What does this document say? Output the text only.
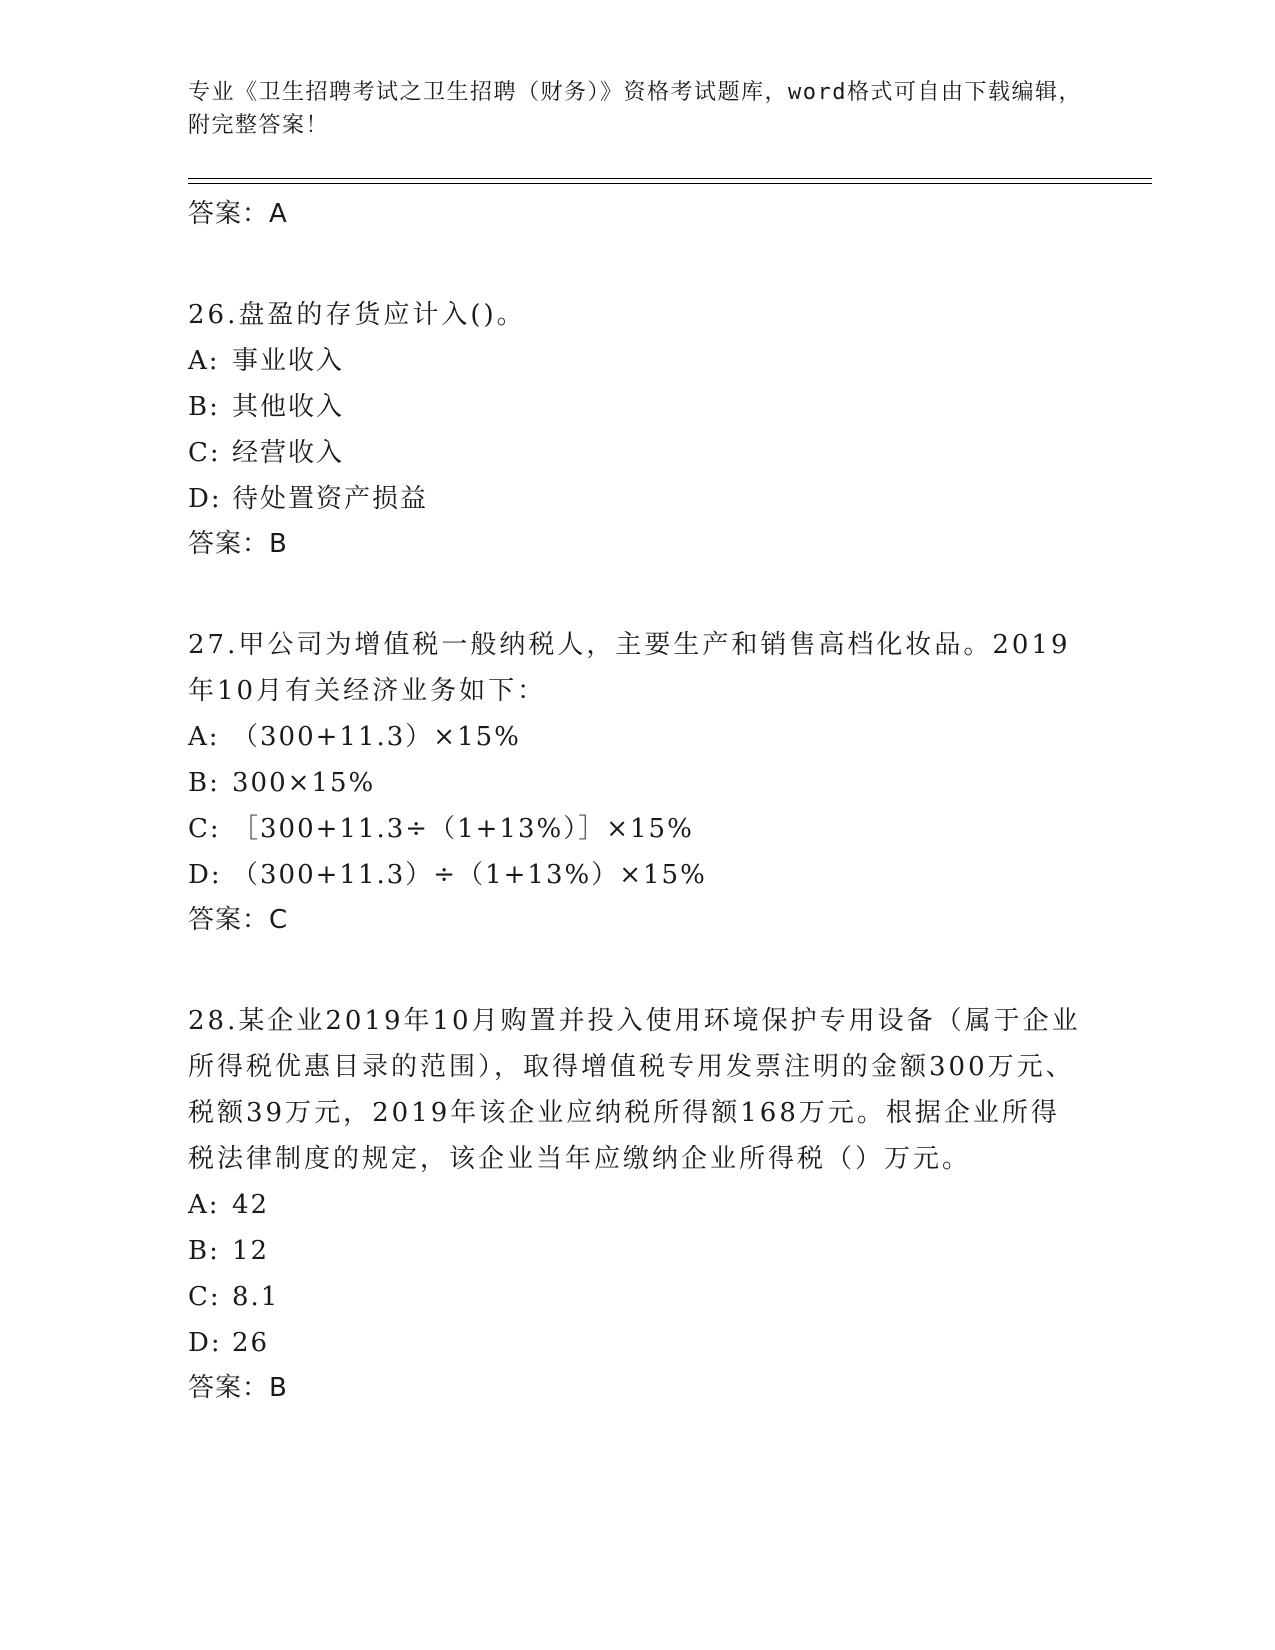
专业《卫生招聘考试之卫生招聘（财务）》资格考试题库，word格式可自由下载编辑，附完整答案！
答案：A
26.盘盈的存货应计入()。
A: 事业收入
B: 其他收入
C: 经营收入
D: 待处置资产损益
答案：B
27.甲公司为增值税一般纳税人，主要生产和销售高档化妆品。2019年10月有关经济业务如下：
A: （300+11.3）×15%
B: 300×15%
C: ［300+11.3÷（1+13%）］×15%
D: （300+11.3）÷（1+13%）×15%
答案：C
28.某企业2019年10月购置并投入使用环境保护专用设备（属于企业所得税优惠目录的范围），取得增值税专用发票注明的金额300万元、税额39万元，2019年该企业应纳税所得额168万元。根据企业所得税法律制度的规定，该企业当年应缴纳企业所得税（）万元。
A: 42
B: 12
C: 8.1
D: 26
答案：B
